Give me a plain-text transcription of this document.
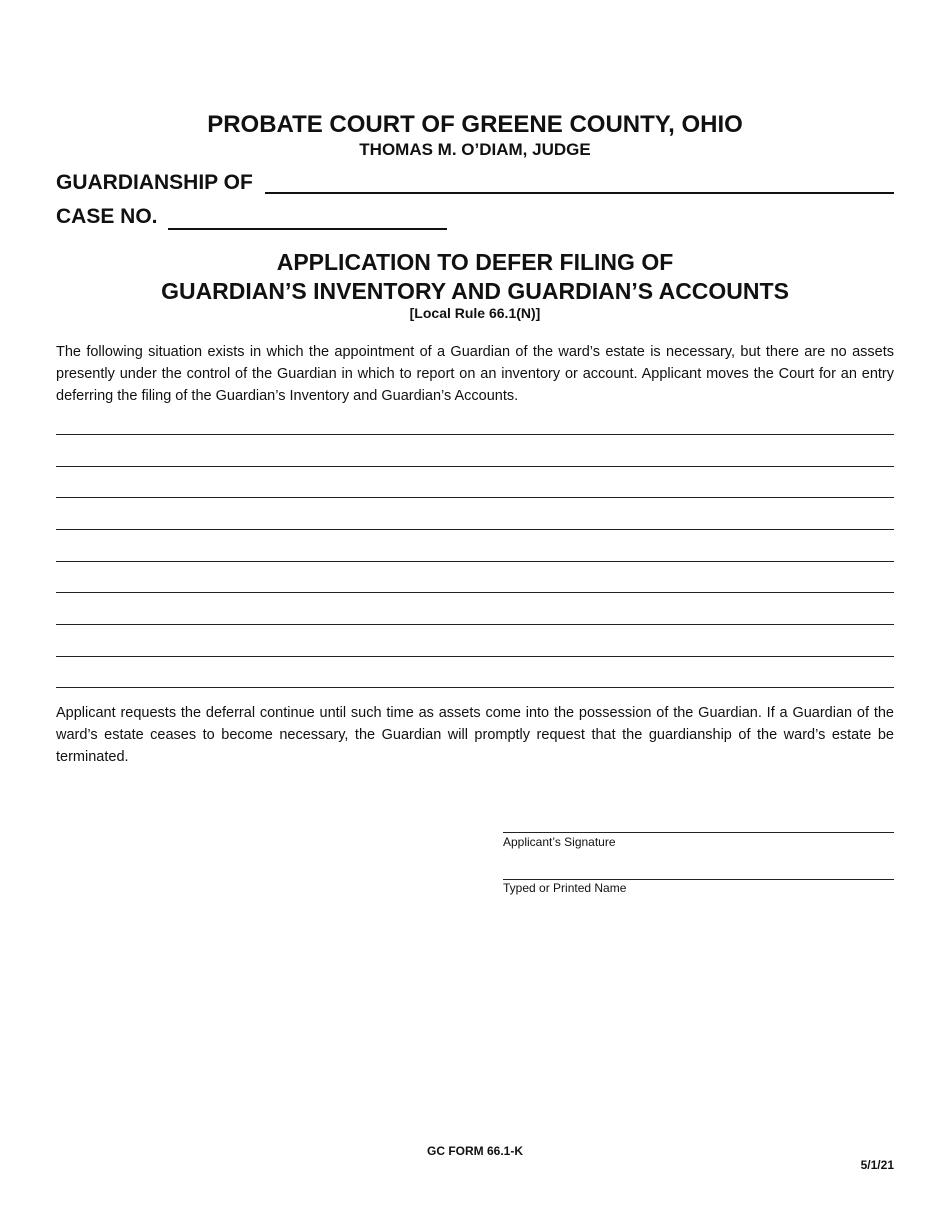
PROBATE COURT OF GREENE COUNTY, OHIO
THOMAS M. O’DIAM, JUDGE
GUARDIANSHIP OF
CASE NO.
APPLICATION TO DEFER FILING OF
GUARDIAN’S INVENTORY AND GUARDIAN’S ACCOUNTS
[Local Rule 66.1(N)]
The following situation exists in which the appointment of a Guardian of the ward’s estate is necessary, but there are no assets presently under the control of the Guardian in which to report on an inventory or account. Applicant moves the Court for an entry deferring the filing of the Guardian’s Inventory and Guardian’s Accounts.
Applicant requests the deferral continue until such time as assets come into the possession of the Guardian. If a Guardian of the ward’s estate ceases to become necessary, the Guardian will promptly request that the guardianship of the ward’s estate be terminated.
Applicant’s Signature
Typed or Printed Name
GC FORM 66.1-K
5/1/21
